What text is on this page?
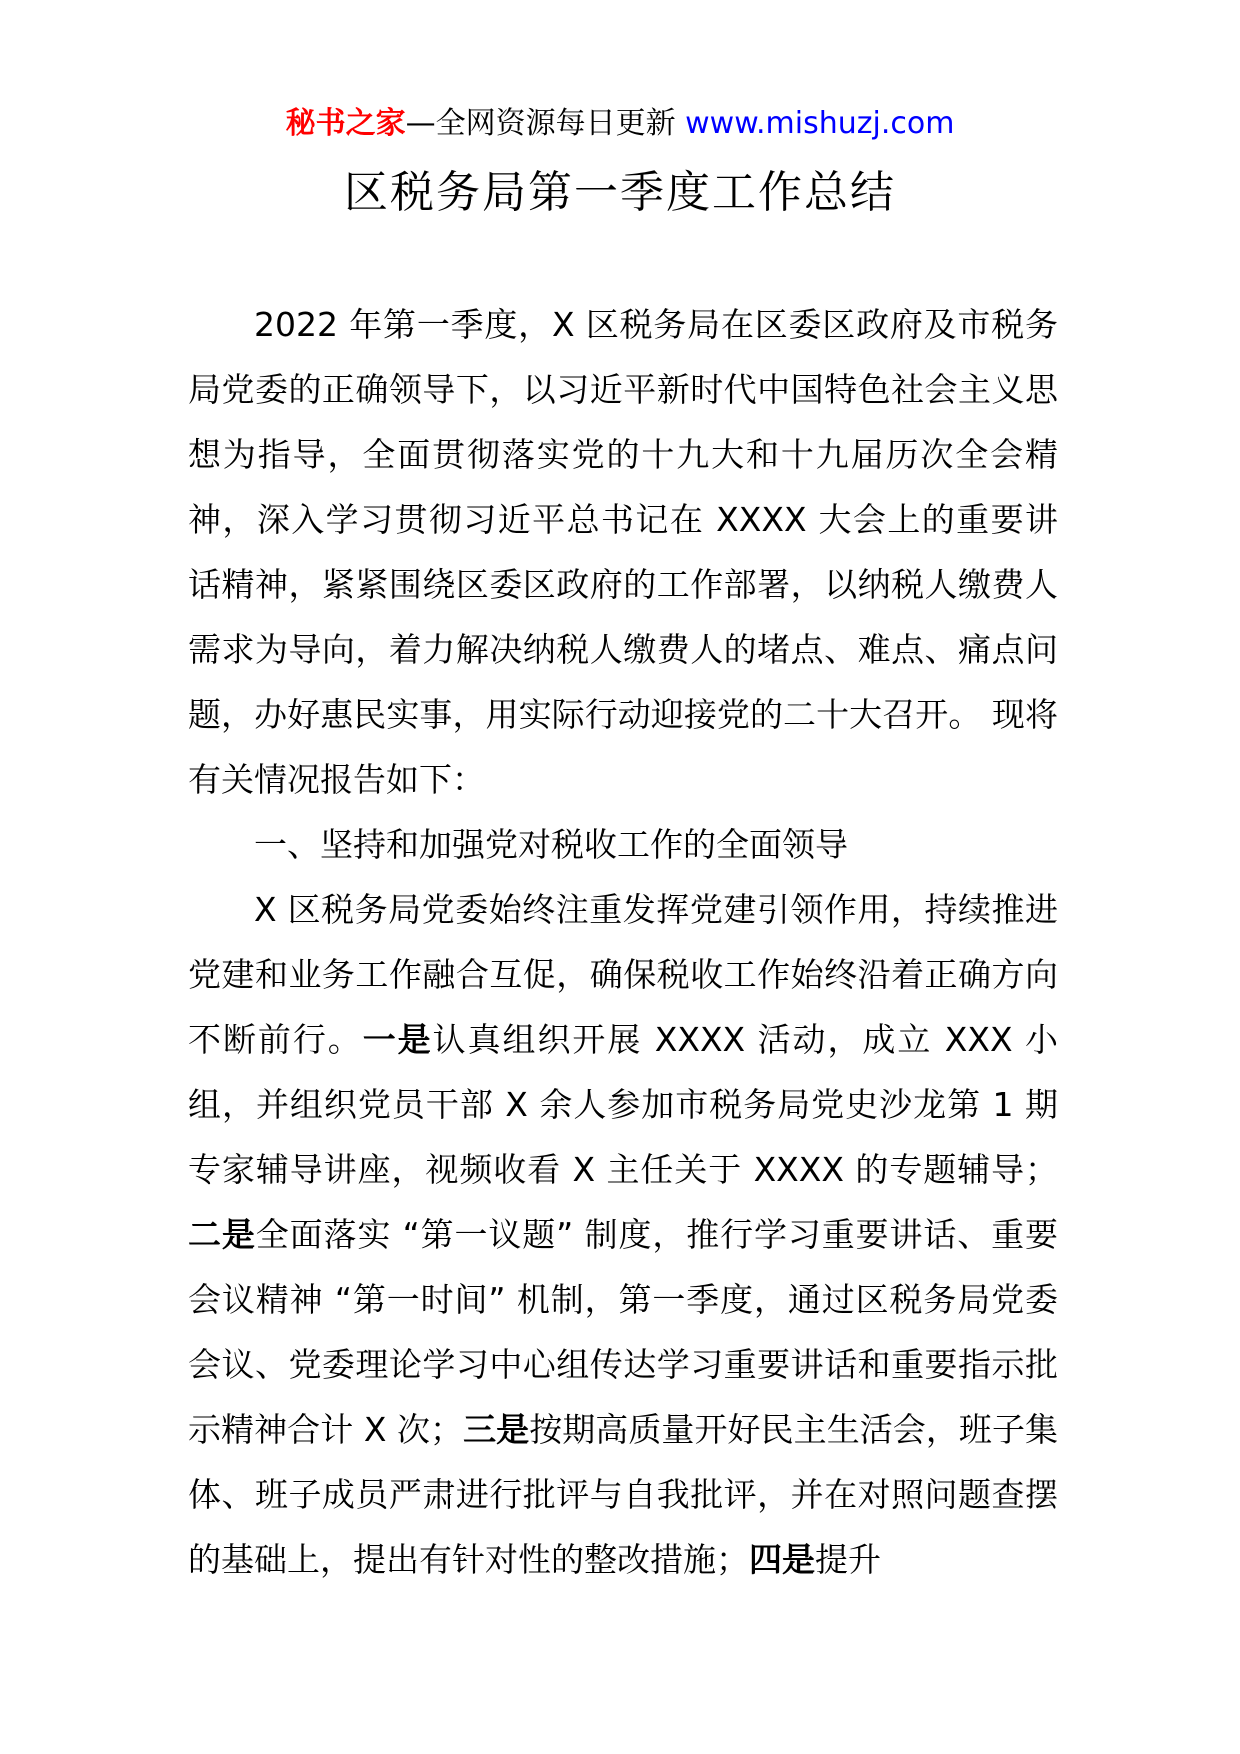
秘书之家—全网资源每日更新 www.mishuzj.com
区税务局第一季度工作总结

2022 年第一季度，X 区税务局在区委区政府及市税务局党委的正确领导下，以习近平新时代中国特色社会主义思想为指导，全面贯彻落实党的十九大和十九届历次全会精神，深入学习贯彻习近平总书记在 XXXX 大会上的重要讲话精神，紧紧围绕区委区政府的工作部署，以纳税人缴费人需求为导向，着力解决纳税人缴费人的堵点、难点、痛点问题，办好惠民实事，用实际行动迎接党的二十大召开。 现将有关情况报告如下：

一、坚持和加强党对税收工作的全面领导

X 区税务局党委始终注重发挥党建引领作用，持续推进党建和业务工作融合互促，确保税收工作始终沿着正确方向不断前行。一是认真组织开展 XXXX 活动，成立 XXX 小组，并组织党员干部 X 余人参加市税务局党史沙龙第 1 期专家辅导讲座，视频收看 X 主任关于 XXXX 的专题辅导；二是全面落实 “第一议题” 制度，推行学习重要讲话、重要会议精神 “第一时间” 机制，第一季度，通过区税务局党委会议、党委理论学习中心组传达学习重要讲话和重要指示批示精神合计 X 次；三是按期高质量开好民主生活会，班子集体、班子成员严肃进行批评与自我批评，并在对照问题查摆的基础上，提出有针对性的整改措施；四是提升
